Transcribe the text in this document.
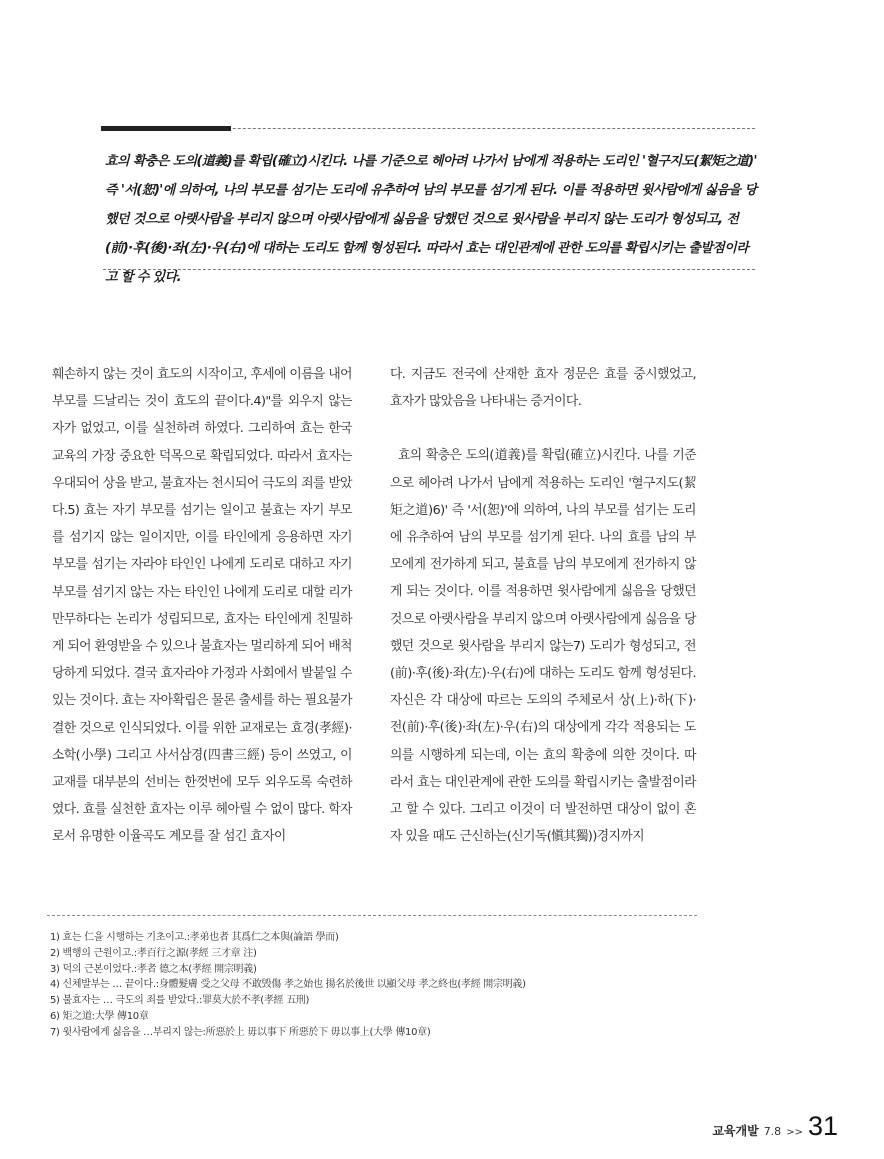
효의 확충은 도의(道義)를 확립(確立)시킨다. 나를 기준으로 헤아려 나가서 남에게 적용하는 도리인 '혈구지도(絜矩之道)' 즉 '서(恕)'에 의하여, 나의 부모를 섬기는 도리에 유추하여 남의 부모를 섬기게 된다. 이를 적용하면 윗사람에게 싫음을 당했던 것으로 아랫사람을 부리지 않으며 아랫사람에게 싫음을 당했던 것으로 윗사람을 부리지 않는 도리가 형성되고, 전(前)·후(後)·좌(左)·우(右)에 대하는 도리도 함께 형성된다. 따라서 효는 대인관계에 관한 도의를 확립시키는 출발점이라고 할 수 있다.

훼손하지 않는 것이 효도의 시작이고, 후세에 이름을 내어 부모를 드날리는 것이 효도의 끝이다.4)"를 외우지 않는 자가 없었고, 이를 실천하려 하였다. 그리하여 효는 한국교육의 가장 중요한 덕목으로 확립되었다. 따라서 효자는 우대되어 상을 받고, 불효자는 천시되어 극도의 죄를 받았다.5) 효는 자기 부모를 섬기는 일이고 불효는 자기 부모를 섬기지 않는 일이지만, 이를 타인에게 응용하면 자기 부모를 섬기는 자라야 타인인 나에게 도리로 대하고 자기 부모를 섬기지 않는 자는 타인인 나에게 도리로 대할 리가 만무하다는 논리가 성립되므로, 효자는 타인에게 친밀하게 되어 환영받을 수 있으나 불효자는 멀리하게 되어 배척당하게 되었다. 결국 효자라야 가정과 사회에서 발붙일 수 있는 것이다. 효는 자아확립은 물론 출세를 하는 필요불가결한 것으로 인식되었다. 이를 위한 교재로는 효경(孝經)·소학(小學) 그리고 사서삼경(四書三經) 등이 쓰였고, 이 교재를 대부분의 선비는 한껏번에 모두 외우도록 숙련하였다. 효를 실천한 효자는 이루 헤아릴 수 없이 많다. 학자로서 유명한 이율곡도 계모를 잘 섬긴 효자이

다. 지금도 전국에 산재한 효자 정문은 효를 중시했었고, 효자가 많았음을 나타내는 증거이다.

효의 확충은 도의(道義)를 확립(確立)시킨다. 나를 기준으로 헤아려 나가서 남에게 적용하는 도리인 '혈구지도(絜矩之道)6)' 즉 '서(恕)'에 의하여, 나의 부모를 섬기는 도리에 유추하여 남의 부모를 섬기게 된다. 나의 효를 남의 부모에게 전가하게 되고, 불효를 남의 부모에게 전가하지 않게 되는 것이다. 이를 적용하면 윗사람에게 싫음을 당했던 것으로 아랫사람을 부리지 않으며 아랫사람에게 싫음을 당했던 것으로 윗사람을 부리지 않는7) 도리가 형성되고, 전(前)·후(後)·좌(左)·우(右)에 대하는 도리도 함께 형성된다. 자신은 각 대상에 따르는 도의의 주체로서 상(上)·하(下)·전(前)·후(後)·좌(左)·우(右)의 대상에게 각각 적용되는 도의를 시행하게 되는데, 이는 효의 확충에 의한 것이다. 따라서 효는 대인관계에 관한 도의를 확립시키는 출발점이라고 할 수 있다. 그리고 이것이 더 발전하면 대상이 없이 혼자 있을 때도 근신하는(신기독(愼其獨))경지까지

1) 효는 仁을 시행하는 기초이고.:孝弟也者 其爲仁之本與(論語 學而)
2) 백행의 근원이고.:孝百行之源(孝經 三才章 注)
3) 덕의 근본이었다.:孝者 德之本(孝經 開宗明義)
4) 신체발부는 … 끝이다.:身體髮膚 受之父母 不敢毁傷 孝之始也 揚名於後世 以顯父母 孝之終也(孝經 開宗明義)
5) 불효자는 … 극도의 죄를 받았다.:罪莫大於不孝(孝經 五刑)
6) 矩之道:大學 傳10章
7) 윗사람에게 싫음을 …부리지 않는:所惡於上 毋以事下 所惡於下 毋以事上(大學 傳10章)
교육개발 7.8 >> 31
